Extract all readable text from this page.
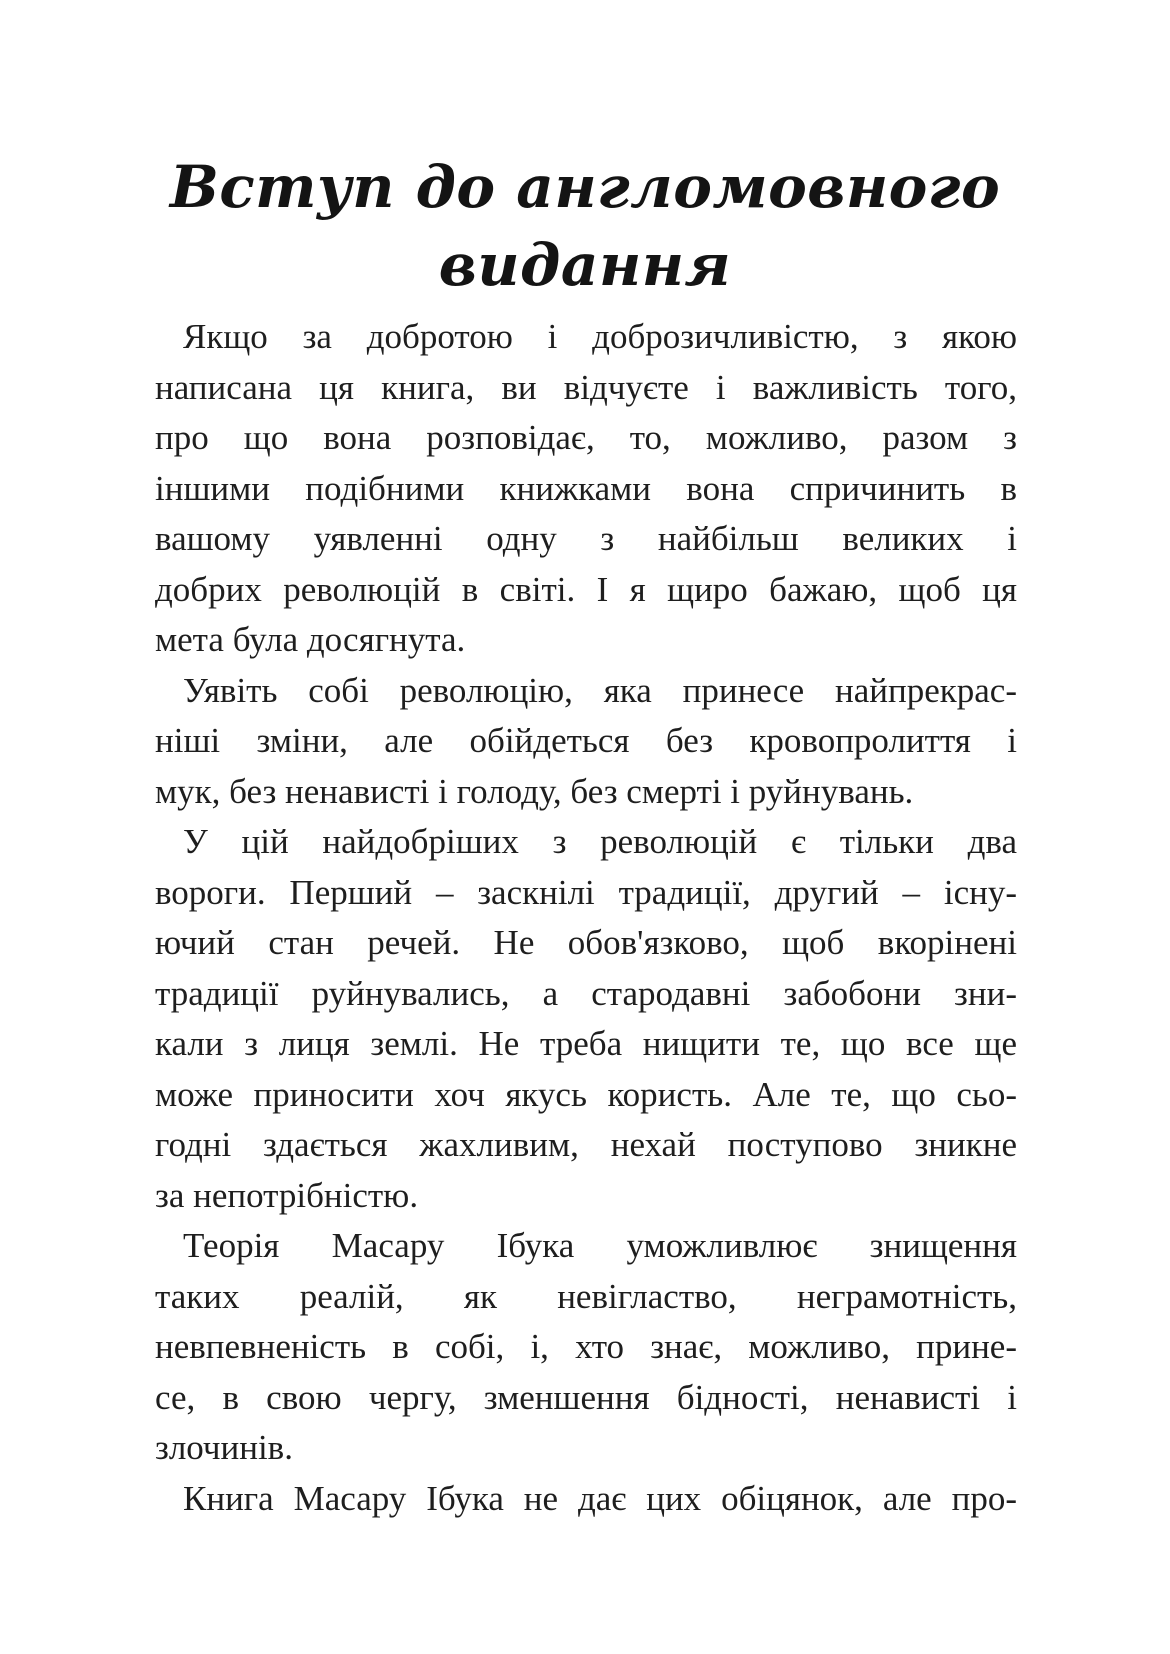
Вступ до англомовного
видання
Якщо за добротою і доброзичливістю, з якою
написана ця книга, ви відчуєте і важливість того,
про що вона розповідає, то, можливо, разом з
іншими подібними книжками вона спричинить в
вашому уявленні одну з найбільш великих і
добрих революцій в світі. І я щиро бажаю, щоб ця
мета була досягнута.
Уявіть собі революцію, яка принесе найпрекрас-
ніші зміни, але обійдеться без кровопролиття і
мук, без ненависті і голоду, без смерті і руйнувань.
У цій найдобріших з революцій є тільки два
вороги. Перший – заскнілі традиції, другий – існу-
ючий стан речей. Не обов'язково, щоб вкорінені
традиції руйнувались, а стародавні забобони зни-
кали з лиця землі. Не треба нищити те, що все ще
може приносити хоч якусь користь. Але те, що сьо-
годні здається жахливим, нехай поступово зникне
за непотрібністю.
Теорія Масару Ібука уможливлює знищення
таких реалій, як невігластво, неграмотність,
невпевненість в собі, і, хто знає, можливо, прине-
се, в свою чергу, зменшення бідності, ненависті і
злочинів.
Книга Масару Ібука не дає цих обіцянок, але про-
